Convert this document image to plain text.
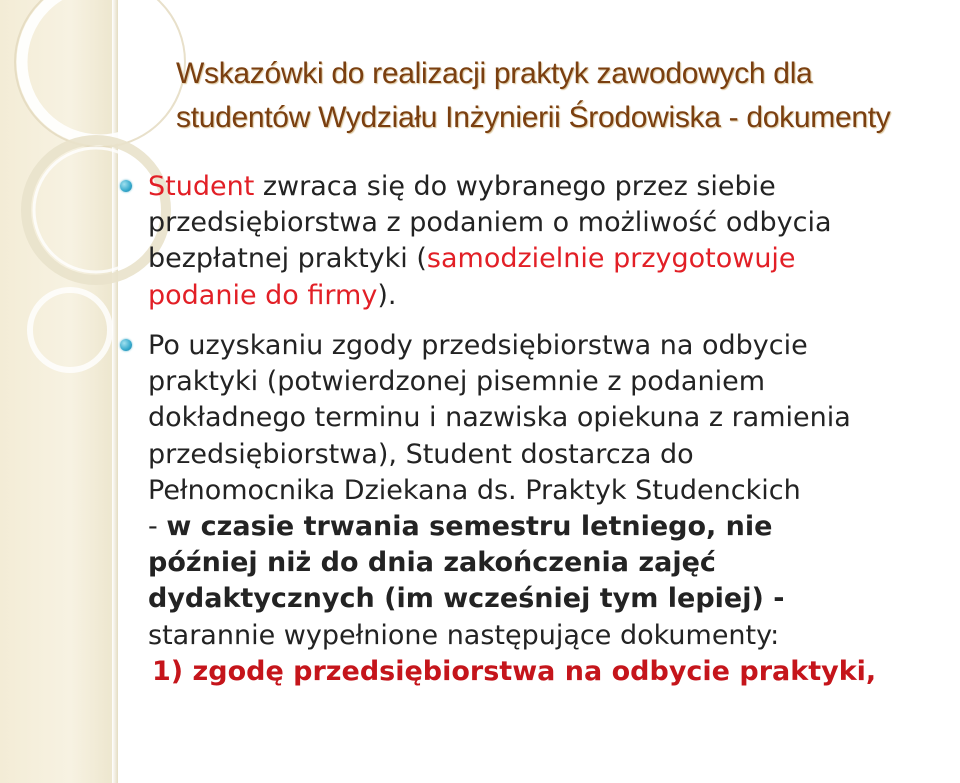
Wskazówki do realizacji praktyk zawodowych dla
studentów Wydziału Inżynierii Środowiska - dokumenty
Student zwraca się do wybranego przez siebie
przedsiębiorstwa z podaniem o możliwość odbycia
bezpłatnej praktyki (samodzielnie przygotowuje
podanie do firmy).
Po uzyskaniu zgody przedsiębiorstwa na odbycie
praktyki (potwierdzonej pisemnie z podaniem
dokładnego terminu i nazwiska opiekuna z ramienia
przedsiębiorstwa), Student dostarcza do
Pełnomocnika Dziekana ds. Praktyk Studenckich
- w czasie trwania semestru letniego, nie
później niż do dnia zakończenia zajęć
dydaktycznych (im wcześniej tym lepiej) -
starannie wypełnione następujące dokumenty:
1) zgodę przedsiębiorstwa na odbycie praktyki,
